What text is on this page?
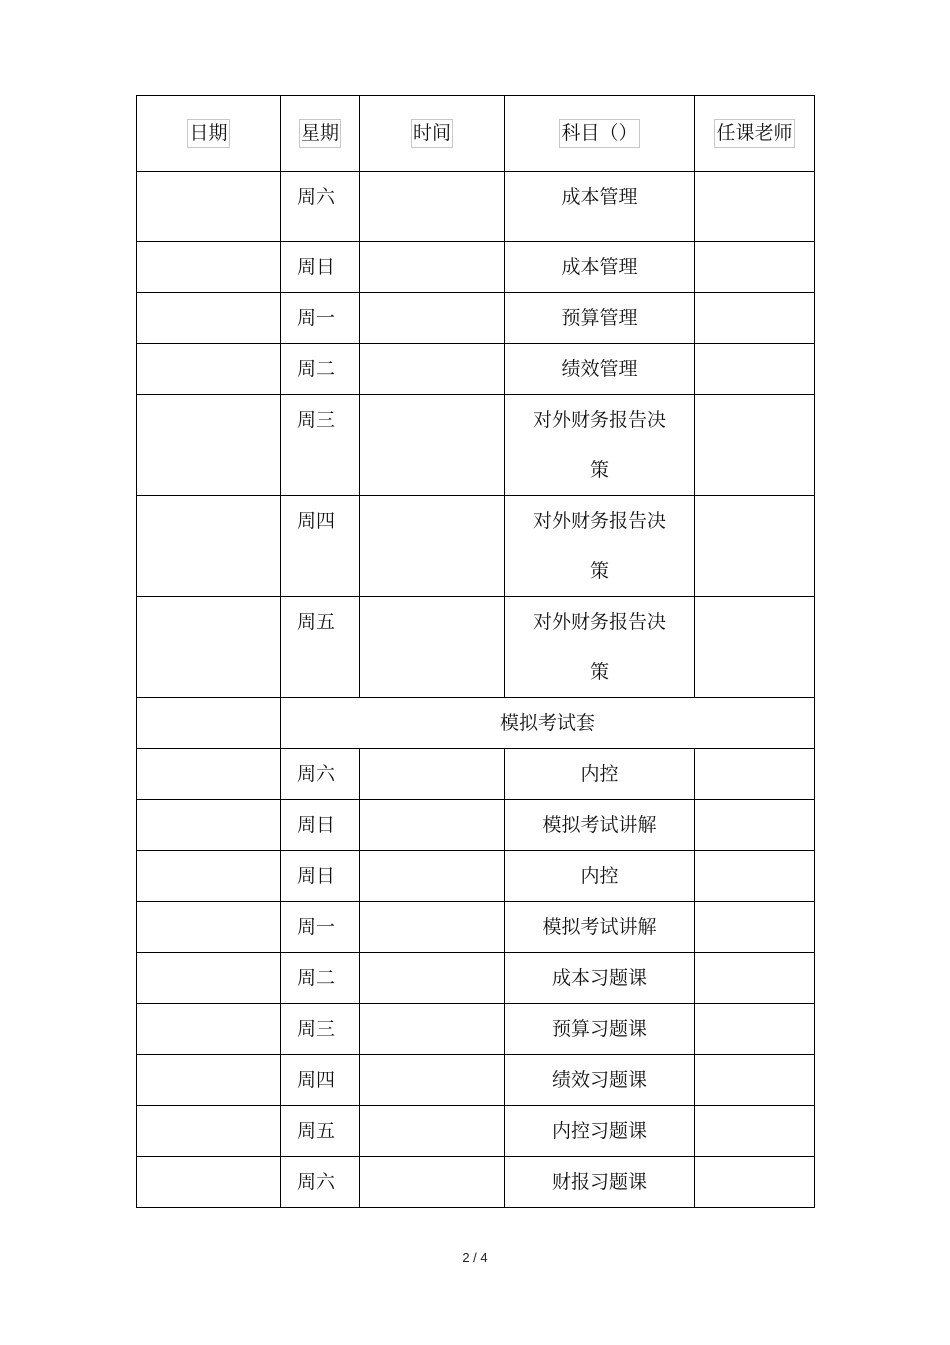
日期	星期	时间	科目（）	任课老师
	周六		成本管理	

	周日		成本管理	

	周一		预算管理	

	周二		绩效管理	

	周三		对外财务报告决
策	

	周四		对外财务报告决
策	

	周五		对外财务报告决
策	

	模拟考试套			
	周六		内控	

	周日		模拟考试讲解	

	周日		内控	

	周一		模拟考试讲解	

	周二		成本习题课	

	周三		预算习题课	

	周四		绩效习题课	

	周五		内控习题课	

	周六		财报习题课	

2 / 4
